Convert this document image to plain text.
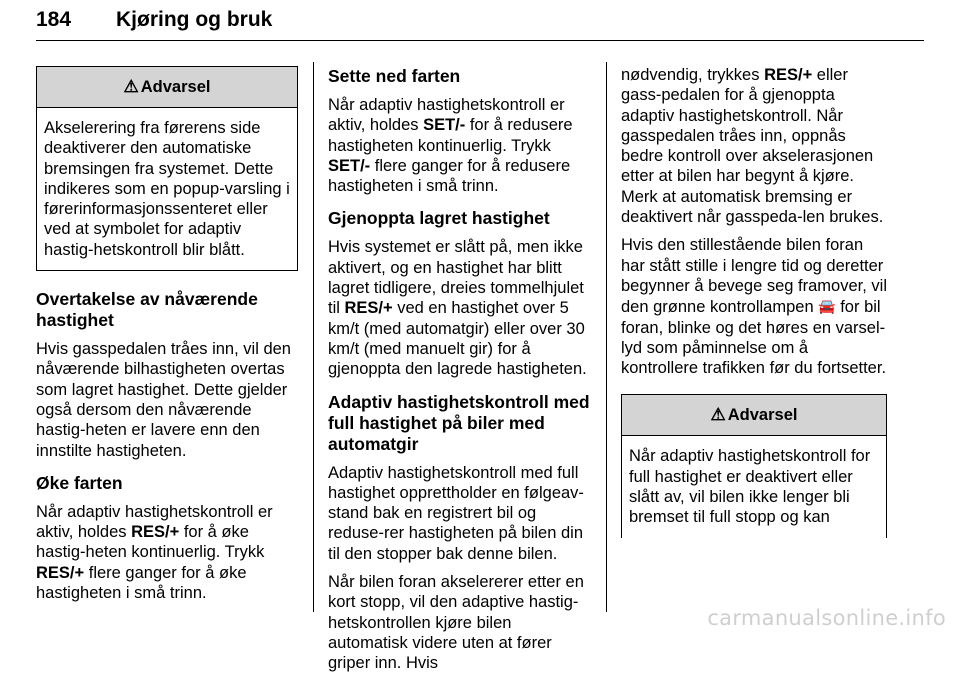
184 Kjøring og bruk
⚠ Advarsel
Akselerering fra førerens side deaktiverer den automatiske bremsingen fra systemet. Dette indikeres som en popup-varsling i førerinformasjonssenteret eller ved at symbolet for adaptiv hastig-hetskontroll blir blått.
Overtakelse av nåværende hastighet

Hvis gasspedalen tråes inn, vil den nåværende bilhastigheten overtas som lagret hastighet. Dette gjelder også dersom den nåværende hastig-heten er lavere enn den innstilte hastigheten.

Øke farten

Når adaptiv hastighetskontroll er aktiv, holdes RES/+ for å øke hastig-heten kontinuerlig. Trykk RES/+ flere ganger for å øke hastigheten i små trinn.

Sette ned farten

Når adaptiv hastighetskontroll er aktiv, holdes SET/- for å redusere hastigheten kontinuerlig. Trykk SET/- flere ganger for å redusere hastigheten i små trinn.

Gjenoppta lagret hastighet

Hvis systemet er slått på, men ikke aktivert, og en hastighet har blitt lagret tidligere, dreies tommelhjulet til RES/+ ved en hastighet over 5 km/t (med automatgir) eller over 30 km/t (med manuelt gir) for å gjenoppta den lagrede hastigheten.

Adaptiv hastighetskontroll med full hastighet på biler med automatgir

Adaptiv hastighetskontroll med full hastighet opprettholder en følgeav-stand bak en registrert bil og reduse-rer hastigheten på bilen din til den stopper bak denne bilen.

Når bilen foran akselererer etter en kort stopp, vil den adaptive hastig-hetskontrollen kjøre bilen automatisk videre uten at fører griper inn. Hvis

nødvendig, trykkes RES/+ eller gass-pedalen for å gjenoppta adaptiv hastighetskontroll. Når gasspedalen tråes inn, oppnås bedre kontroll over akselerasjonen etter at bilen har begynt å kjøre. Merk at automatisk bremsing er deaktivert når gasspeda-len brukes.

Hvis den stillestående bilen foran har stått stille i lengre tid og deretter begynner å bevege seg framover, vil den grønne kontrollampen 🚘 for bil foran, blinke og det høres en varsel-lyd som påminnelse om å kontrollere trafikken før du fortsetter.

⚠ Advarsel
Når adaptiv hastighetskontroll for full hastighet er deaktivert eller slått av, vil bilen ikke lenger bli bremset til full stopp og kan
carmanualsonline.info
